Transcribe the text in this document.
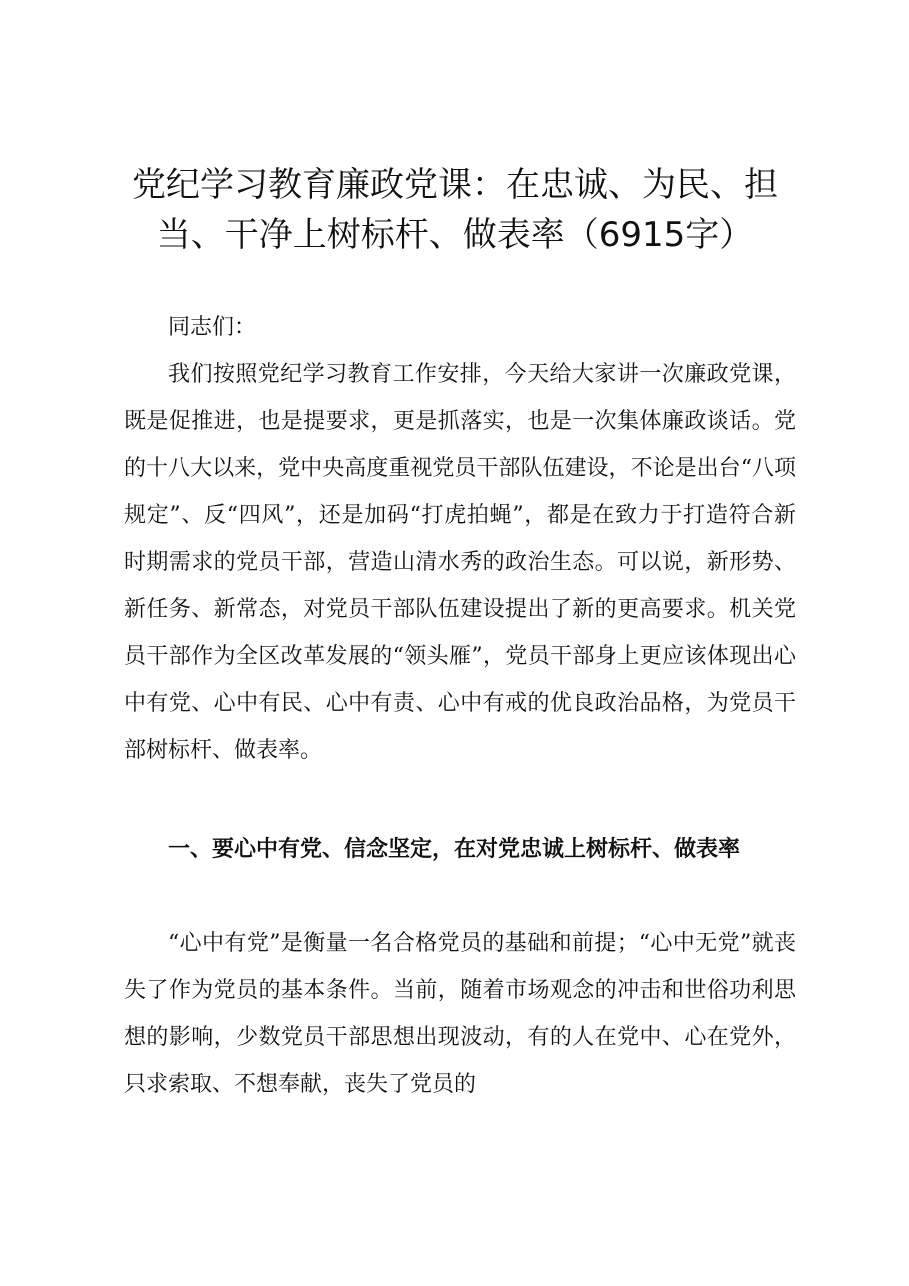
党纪学习教育廉政党课：在忠诚、为民、担当、干净上树标杆、做表率（6915字）

同志们：

我们按照党纪学习教育工作安排，今天给大家讲一次廉政党课，既是促推进，也是提要求，更是抓落实，也是一次集体廉政谈话。党的十八大以来，党中央高度重视党员干部队伍建设，不论是出台“八项规定”、反“四风”，还是加码“打虎拍蝇”，都是在致力于打造符合新时期需求的党员干部，营造山清水秀的政治生态。可以说，新形势、新任务、新常态，对党员干部队伍建设提出了新的更高要求。机关党员干部作为全区改革发展的“领头雁”，党员干部身上更应该体现出心中有党、心中有民、心中有责、心中有戒的优良政治品格，为党员干部树标杆、做表率。

一、要心中有党、信念坚定，在对党忠诚上树标杆、做表率

“心中有党”是衡量一名合格党员的基础和前提；“心中无党”就丧失了作为党员的基本条件。当前，随着市场观念的冲击和世俗功利思想的影响，少数党员干部思想出现波动，有的人在党中、心在党外，只求索取、不想奉献，丧失了党员的
